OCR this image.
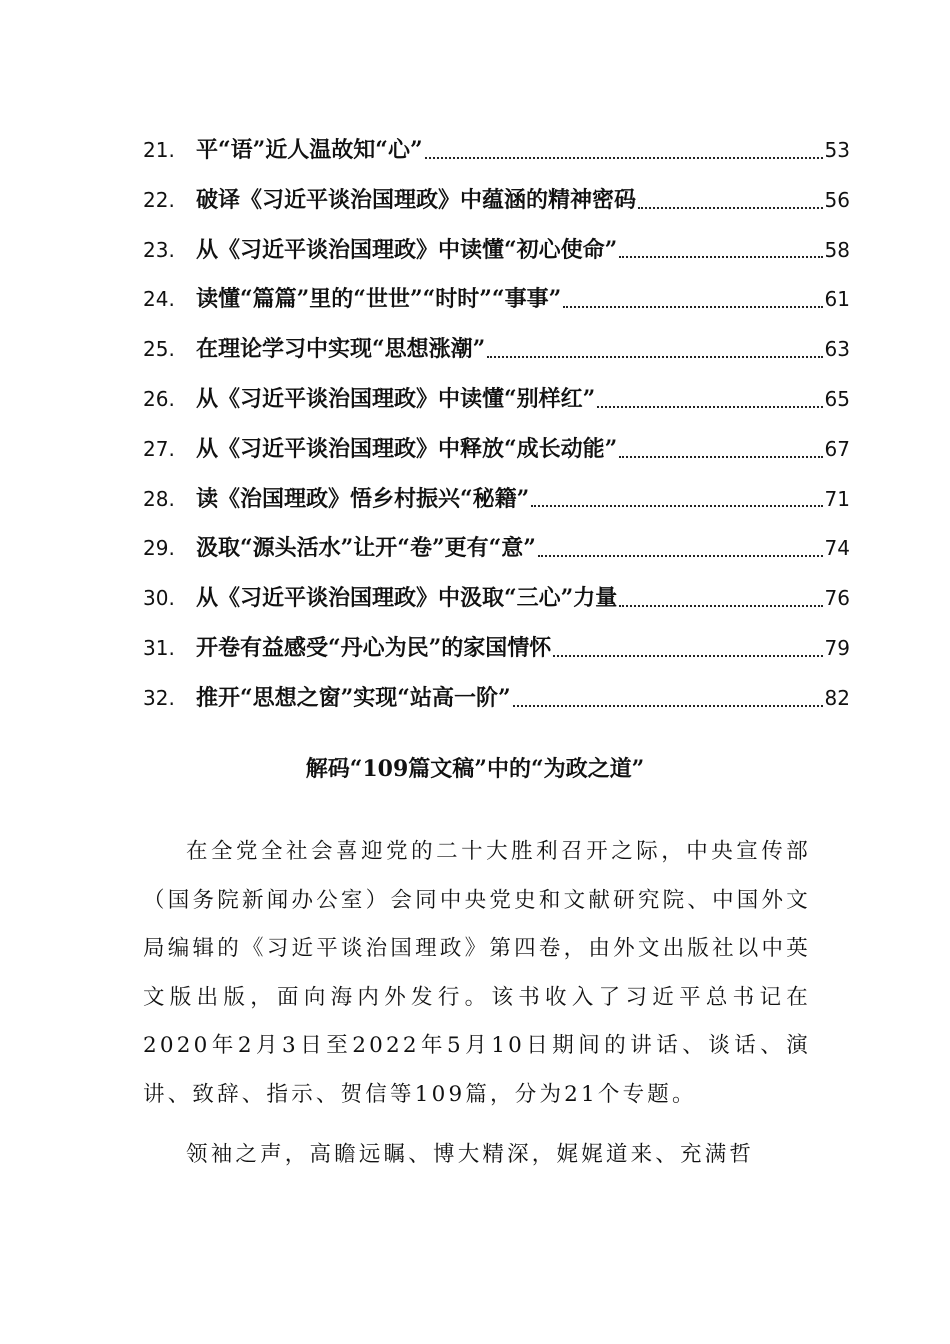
21. 平“语”近人温故知“心”	53
22. 破译《习近平谈治国理政》中蕴涵的精神密码	56
23. 从《习近平谈治国理政》中读懂“初心使命”	58
24. 读懂“篇篇”里的“世世”“时时”“事事”	61
25. 在理论学习中实现“思想涨潮”	63
26. 从《习近平谈治国理政》中读懂“别样红”	65
27. 从《习近平谈治国理政》中释放“成长动能”	67
28. 读《治国理政》悟乡村振兴“秘籍”	71
29. 汲取“源头活水”让开“卷”更有“意”	74
30. 从《习近平谈治国理政》中汲取“三心”力量	76
31. 开卷有益感受“丹心为民”的家国情怀	79
32. 推开“思想之窗”实现“站高一阶”	82
解码“109篇文稿”中的“为政之道”

在全党全社会喜迎党的二十大胜利召开之际，中央宣传部（国务院新闻办公室）会同中央党史和文献研究院、中国外文局编辑的《习近平谈治国理政》第四卷，由外文出版社以中英文版出版，面向海内外发行。该书收入了习近平总书记在2020年2月3日至2022年5月10日期间的讲话、谈话、演讲、致辞、指示、贺信等109篇，分为21个专题。

领袖之声，高瞻远瞩、博大精深，娓娓道来、充满哲
